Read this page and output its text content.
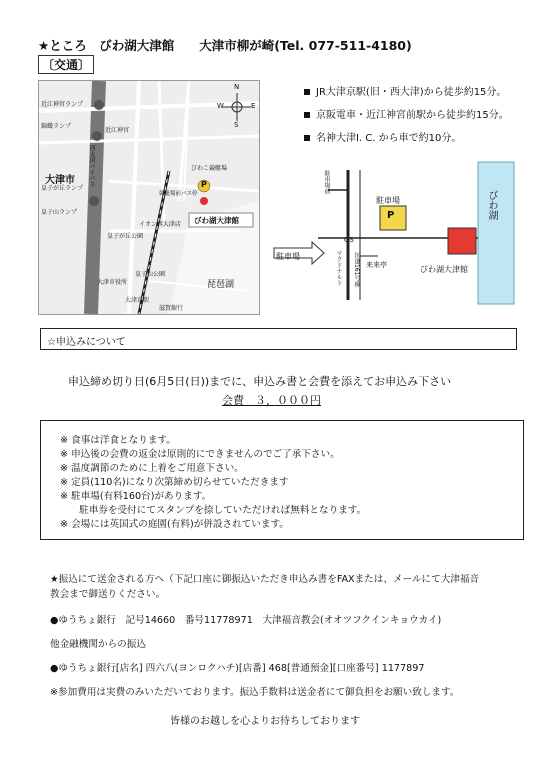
★ところ　びわ湖大津館　　大津市柳が崎(Tel. 077-511-4180)
〔交通〕
N
E
W
S
近江神宮ランプ
錦織ランプ
皇子が丘ランプ
皇子山ランプ
近江神宮
西大津バイパス
大津市
びわこ競艇場
競艇場前バス停
P
びわ湖大津館
イオン西大津店
皇子が丘公園
皇子山公園
大津市役所	琵琶湖
大津京駅
滋賀銀行
JR大津京駅(旧・西大津)から徒歩約15分。
京阪電車・近江神宮前駅から徒歩約15分。
名神大津I. C. から車で約10分。
びわ湖
駐車場
P
駐車場
GS
マクドナルド	来来亭
国道161号線	びわ湖大津館
駐車場前
☆申込みについて
申込締め切り日(6月5日(日))までに、申込み書と会費を添えてお申込み下さい
会費　３，０００円
※ 食事は洋食となります。
※ 申込後の会費の返金は原則的にできませんのでご了承下さい。
※ 温度調節のために上着をご用意下さい。
※ 定員(110名)になり次第締め切らせていただきます
※ 駐車場(有料160台)があります。
　　駐車券を受付にてスタンプを捺していただければ無料となります。
※ 会場には英国式の庭園(有料)が併設されています。
★振込にて送金される方へ（下記口座に御振込いただき申込み書をFAXまたは、メールにて大津福音
教会まで御送りください。
●ゆうちょ銀行　記号14660　番号11778971　大津福音教会(オオツフクインキョウカイ)
他金融機関からの振込
●ゆうちょ銀行[店名] 四六八(ヨンロクハチ)[店番] 468[普通預金][口座番号] 1177897
※参加費用は実費のみいただいております。振込手数料は送金者にて御負担をお願い致します。
皆様のお越しを心よりお待ちしております
